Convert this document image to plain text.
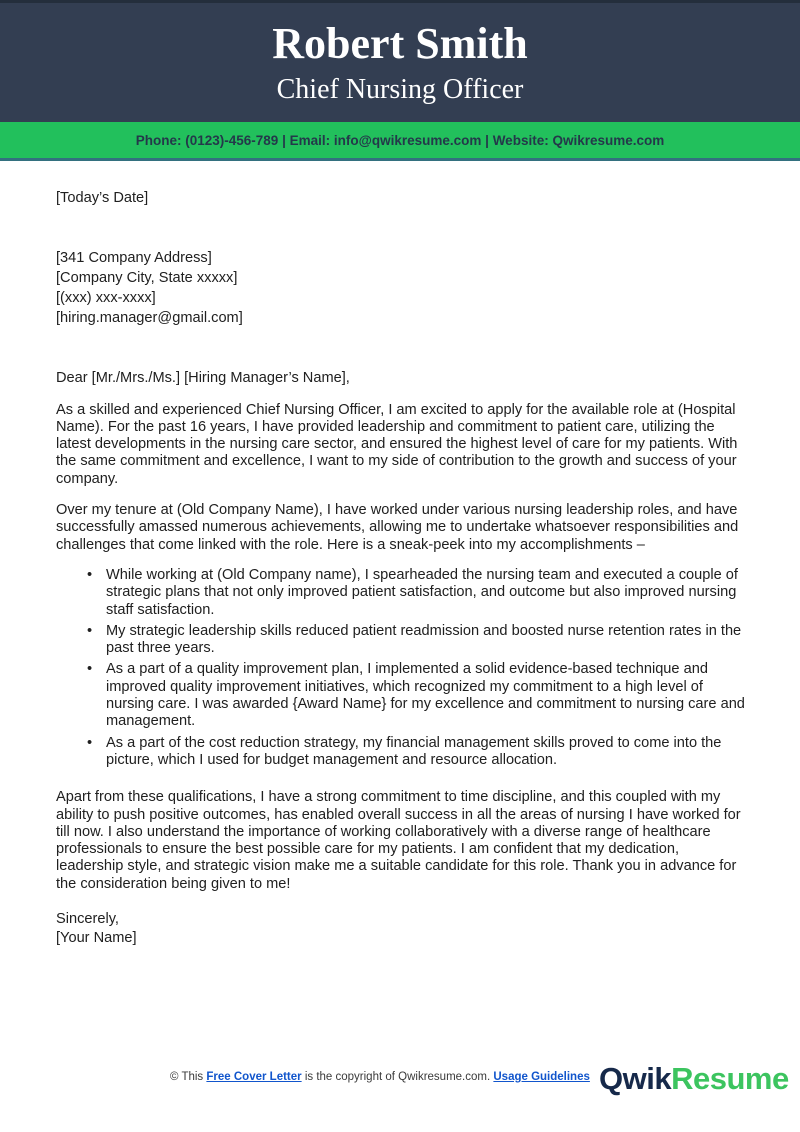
Robert Smith
Chief Nursing Officer
Phone: (0123)-456-789 | Email: info@qwikresume.com | Website: Qwikresume.com

[Today’s Date]

[341 Company Address]
[Company City, State xxxxx]
[(xxx) xxx-xxxx]
[hiring.manager@gmail.com]

Dear [Mr./Mrs./Ms.] [Hiring Manager’s Name],

As a skilled and experienced Chief Nursing Officer, I am excited to apply for the available role at (Hospital Name). For the past 16 years, I have provided leadership and commitment to patient care, utilizing the latest developments in the nursing care sector, and ensured the highest level of care for my patients. With the same commitment and excellence, I want to my side of contribution to the growth and success of your company.

Over my tenure at (Old Company Name), I have worked under various nursing leadership roles, and have successfully amassed numerous achievements, allowing me to undertake whatsoever responsibilities and challenges that come linked with the role. Here is a sneak-peek into my accomplishments –

• While working at (Old Company name), I spearheaded the nursing team and executed a couple of strategic plans that not only improved patient satisfaction, and outcome but also improved nursing staff satisfaction.
• My strategic leadership skills reduced patient readmission and boosted nurse retention rates in the past three years.
• As a part of a quality improvement plan, I implemented a solid evidence-based technique and improved quality improvement initiatives, which recognized my commitment to a high level of nursing care. I was awarded {Award Name} for my excellence and commitment to nursing care and management.
• As a part of the cost reduction strategy, my financial management skills proved to come into the picture, which I used for budget management and resource allocation.

Apart from these qualifications, I have a strong commitment to time discipline, and this coupled with my ability to push positive outcomes, has enabled overall success in all the areas of nursing I have worked for till now. I also understand the importance of working collaboratively with a diverse range of healthcare professionals to ensure the best possible care for my patients. I am confident that my dedication, leadership style, and strategic vision make me a suitable candidate for this role. Thank you in advance for the consideration being given to me!

Sincerely,
[Your Name]
© This Free Cover Letter is the copyright of Qwikresume.com. Usage Guidelines QwikResume
